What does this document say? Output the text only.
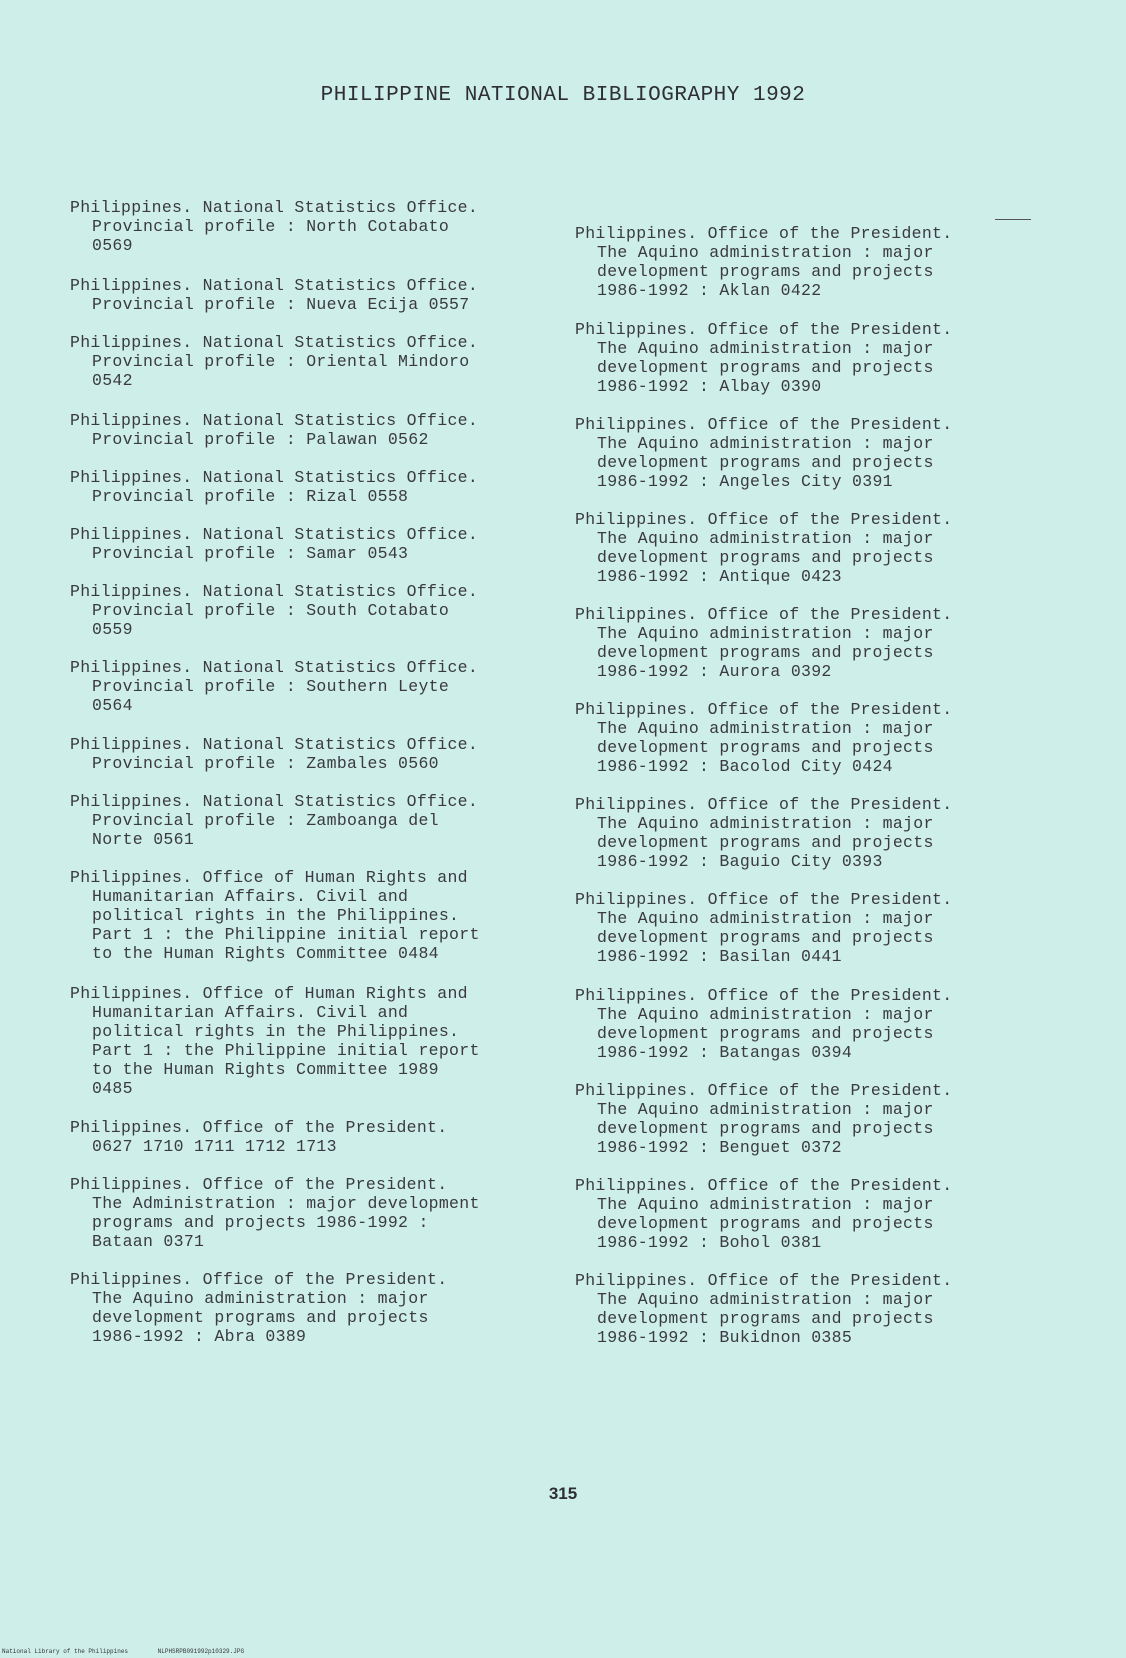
PHILIPPINE NATIONAL BIBLIOGRAPHY 1992
Philippines. National Statistics Office.
Provincial profile : North Cotabato
0569
Philippines. National Statistics Office.
Provincial profile : Nueva Ecija 0557
Philippines. National Statistics Office.
Provincial profile : Oriental Mindoro
0542
Philippines. National Statistics Office.
Provincial profile : Palawan 0562
Philippines. National Statistics Office.
Provincial profile : Rizal 0558
Philippines. National Statistics Office.
Provincial profile : Samar 0543
Philippines. National Statistics Office.
Provincial profile : South Cotabato
0559
Philippines. National Statistics Office.
Provincial profile : Southern Leyte
0564
Philippines. National Statistics Office.
Provincial profile : Zambales 0560
Philippines. National Statistics Office.
Provincial profile : Zamboanga del
Norte 0561
Philippines. Office of Human Rights and
Humanitarian Affairs. Civil and
political rights in the Philippines.
Part 1 : the Philippine initial report
to the Human Rights Committee 0484
Philippines. Office of Human Rights and
Humanitarian Affairs. Civil and
political rights in the Philippines.
Part 1 : the Philippine initial report
to the Human Rights Committee 1989
0485
Philippines. Office of the President.
0627 1710 1711 1712 1713
Philippines. Office of the President.
The Administration : major development
programs and projects 1986-1992 :
Bataan 0371
Philippines. Office of the President.
The Aquino administration : major
development programs and projects
1986-1992 : Abra 0389
Philippines. Office of the President.
The Aquino administration : major
development programs and projects
1986-1992 : Aklan 0422
Philippines. Office of the President.
The Aquino administration : major
development programs and projects
1986-1992 : Albay 0390
Philippines. Office of the President.
The Aquino administration : major
development programs and projects
1986-1992 : Angeles City 0391
Philippines. Office of the President.
The Aquino administration : major
development programs and projects
1986-1992 : Antique 0423
Philippines. Office of the President.
The Aquino administration : major
development programs and projects
1986-1992 : Aurora 0392
Philippines. Office of the President.
The Aquino administration : major
development programs and projects
1986-1992 : Bacolod City 0424
Philippines. Office of the President.
The Aquino administration : major
development programs and projects
1986-1992 : Baguio City 0393
Philippines. Office of the President.
The Aquino administration : major
development programs and projects
1986-1992 : Basilan 0441
Philippines. Office of the President.
The Aquino administration : major
development programs and projects
1986-1992 : Batangas 0394
Philippines. Office of the President.
The Aquino administration : major
development programs and projects
1986-1992 : Benguet 0372
Philippines. Office of the President.
The Aquino administration : major
development programs and projects
1986-1992 : Bohol 0381
Philippines. Office of the President.
The Aquino administration : major
development programs and projects
1986-1992 : Bukidnon 0385
315
National Library of the Philippines	NLPHSRPB091992p10329.JPG
